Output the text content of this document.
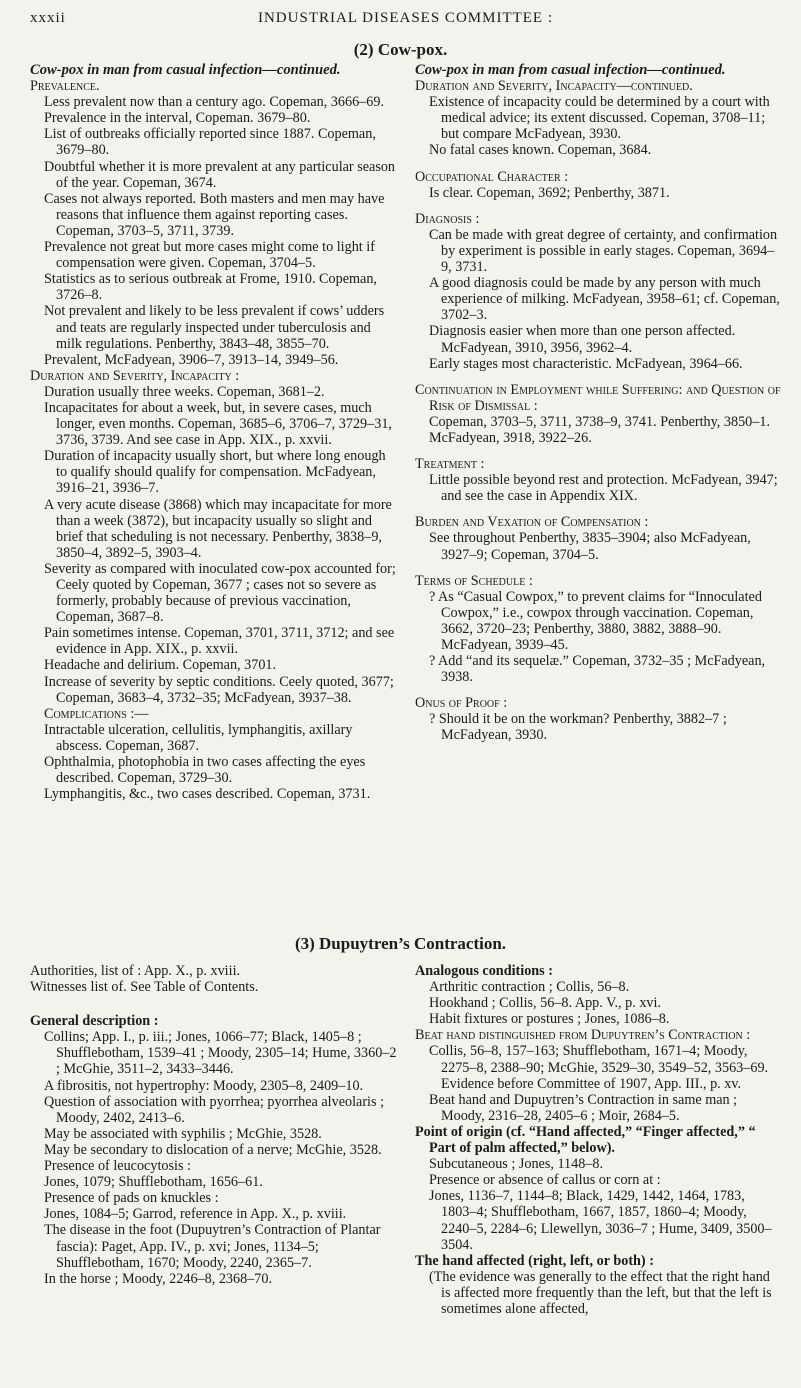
xxxii	INDUSTRIAL DISEASES COMMITTEE :
(2) Cow-pox.

Cow-pox in man from casual infection—continued.

Prevalence.

Less prevalent now than a century ago. Copeman, 3666–69.

Prevalence in the interval, Copeman. 3679–80.

List of outbreaks officially reported since 1887. Copeman, 3679–80.

Doubtful whether it is more prevalent at any particular season of the year. Copeman, 3674.

Cases not always reported. Both masters and men may have reasons that influence them against reporting cases. Copeman, 3703–5, 3711, 3739.

Prevalence not great but more cases might come to light if compensation were given. Copeman, 3704–5.

Statistics as to serious outbreak at Frome, 1910. Copeman, 3726–8.

Not prevalent and likely to be less prevalent if cows’ udders and teats are regularly inspected under tuberculosis and milk regulations. Penberthy, 3843–48, 3855–70.

Prevalent, McFadyean, 3906–7, 3913–14, 3949–56.

Duration and Severity, Incapacity :

Duration usually three weeks. Copeman, 3681–2.

Incapacitates for about a week, but, in severe cases, much longer, even months. Copeman, 3685–6, 3706–7, 3729–31, 3736, 3739. And see case in App. XIX., p. xxvii.

Duration of incapacity usually short, but where long enough to qualify should qualify for compensation. McFadyean, 3916–21, 3936–7.

A very acute disease (3868) which may incapacitate for more than a week (3872), but incapacity usually so slight and brief that scheduling is not necessary. Penberthy, 3838–9, 3850–4, 3892–5, 3903–4.

Severity as compared with inoculated cow-pox accounted for; Ceely quoted by Copeman, 3677 ; cases not so severe as formerly, probably because of previous vaccination, Copeman, 3687–8.

Pain sometimes intense. Copeman, 3701, 3711, 3712; and see evidence in App. XIX., p. xxvii.

Headache and delirium. Copeman, 3701.

Increase of severity by septic conditions. Ceely quoted, 3677; Copeman, 3683–4, 3732–35; McFadyean, 3937–38.

Complications :—

Intractable ulceration, cellulitis, lymphangitis, axillary abscess. Copeman, 3687.

Ophthalmia, photophobia in two cases affecting the eyes described. Copeman, 3729–30.

Lymphangitis, &c., two cases described. Copeman, 3731.

Cow-pox in man from casual infection—continued.

Duration and Severity, Incapacity—continued.

Existence of incapacity could be determined by a court with medical advice; its extent discussed. Copeman, 3708–11; but compare McFadyean, 3930.

No fatal cases known. Copeman, 3684.

Occupational Character :

Is clear. Copeman, 3692; Penberthy, 3871.

Diagnosis :

Can be made with great degree of certainty, and confirmation by experiment is possible in early stages. Copeman, 3694–9, 3731.

A good diagnosis could be made by any person with much experience of milking. McFadyean, 3958–61; cf. Copeman, 3702–3.

Diagnosis easier when more than one person affected. McFadyean, 3910, 3956, 3962–4.

Early stages most characteristic. McFadyean, 3964–66.

Continuation in Employment while Suffering: and Question of Risk of Dismissal :

Copeman, 3703–5, 3711, 3738–9, 3741. Penberthy, 3850–1.

McFadyean, 3918, 3922–26.

Treatment :

Little possible beyond rest and protection. McFadyean, 3947; and see the case in Appendix XIX.

Burden and Vexation of Compensation :

See throughout Penberthy, 3835–3904; also McFadyean, 3927–9; Copeman, 3704–5.

Terms of Schedule :

? As “Casual Cowpox,” to prevent claims for “Innoculated Cowpox,” i.e., cowpox through vaccination. Copeman, 3662, 3720–23; Penberthy, 3880, 3882, 3888–90. McFadyean, 3939–45.

? Add “and its sequelæ.” Copeman, 3732–35 ; McFadyean, 3938.

Onus of Proof :

? Should it be on the workman? Penberthy, 3882–7 ; McFadyean, 3930.

(3) Dupuytren’s Contraction.

Authorities, list of : App. X., p. xviii.

Witnesses list of. See Table of Contents.

General description :

Collins; App. I., p. iii.; Jones, 1066–77; Black, 1405–8 ; Shufflebotham, 1539–41 ; Moody, 2305–14; Hume, 3360–2 ; McGhie, 3511–2, 3433–3446.

A fibrositis, not hypertrophy: Moody, 2305–8, 2409–10.

Question of association with pyorrhea; pyorrhea alveolaris ; Moody, 2402, 2413–6.

May be associated with syphilis ; McGhie, 3528.

May be secondary to dislocation of a nerve; McGhie, 3528.

Presence of leucocytosis :

Jones, 1079; Shufflebotham, 1656–61.

Presence of pads on knuckles :

Jones, 1084–5; Garrod, reference in App. X., p. xviii.

The disease in the foot (Dupuytren’s Contraction of Plantar fascia): Paget, App. IV., p. xvi; Jones, 1134–5; Shufflebotham, 1670; Moody, 2240, 2365–7.

In the horse ; Moody, 2246–8, 2368–70.

Analogous conditions :

Arthritic contraction ; Collis, 56–8.

Hookhand ; Collis, 56–8. App. V., p. xvi.

Habit fixtures or postures ; Jones, 1086–8.

Beat hand distinguished from Dupuytren’s Contraction :

Collis, 56–8, 157–163; Shufflebotham, 1671–4; Moody, 2275–8, 2388–90; McGhie, 3529–30, 3549–52, 3563–69. Evidence before Committee of 1907, App. III., p. xv.

Beat hand and Dupuytren’s Contraction in same man ; Moody, 2316–28, 2405–6 ; Moir, 2684–5.

Point of origin (cf. “Hand affected,” “Finger affected,” “ Part of palm affected,” below).

Subcutaneous ; Jones, 1148–8.

Presence or absence of callus or corn at :

Jones, 1136–7, 1144–8; Black, 1429, 1442, 1464, 1783, 1803–4; Shufflebotham, 1667, 1857, 1860–4; Moody, 2240–5, 2284–6; Llewellyn, 3036–7 ; Hume, 3409, 3500–3504.

The hand affected (right, left, or both) :

(The evidence was generally to the effect that the right hand is affected more frequently than the left, but that the left is sometimes alone affected,
